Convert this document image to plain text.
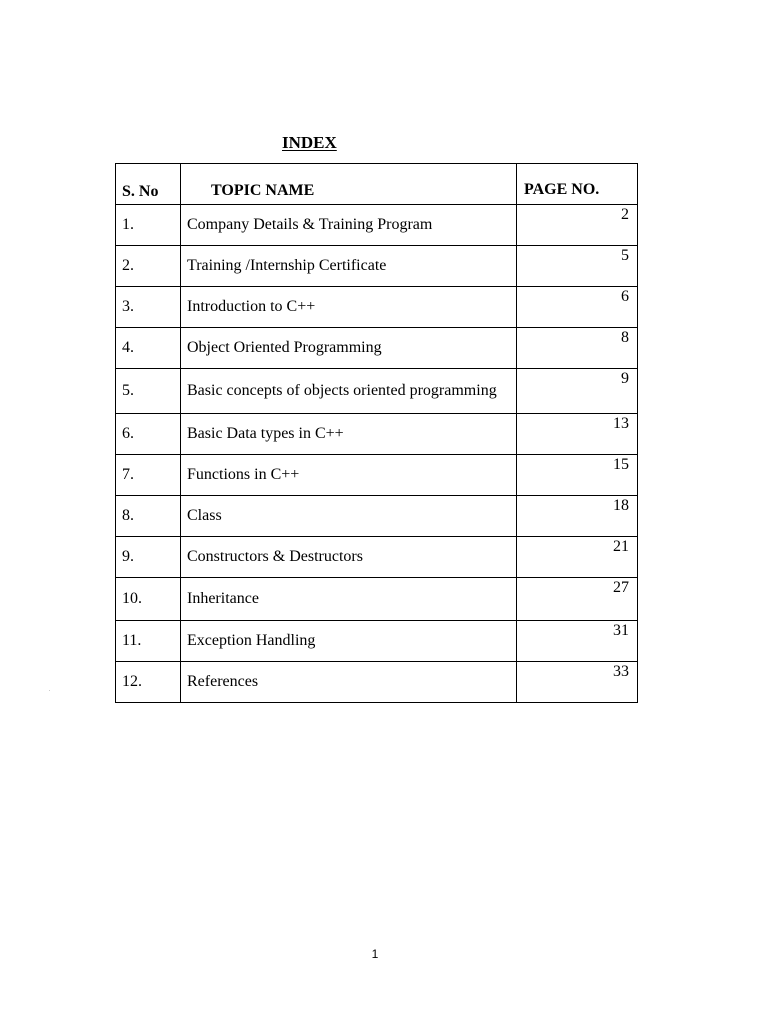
INDEX
S. No	TOPIC NAME	PAGE NO.

1.	Company Details & Training Program	2

2.	Training /Internship Certificate	5

3.	Introduction to C++	6

4.	Object Oriented Programming	8

5.	Basic concepts of objects oriented programming	9

6.	Basic Data types in C++	13

7.	Functions in C++	15

8.	Class	18

9.	Constructors & Destructors	21

10.	Inheritance	27

11.	Exception Handling	31

12.	References	33
1
